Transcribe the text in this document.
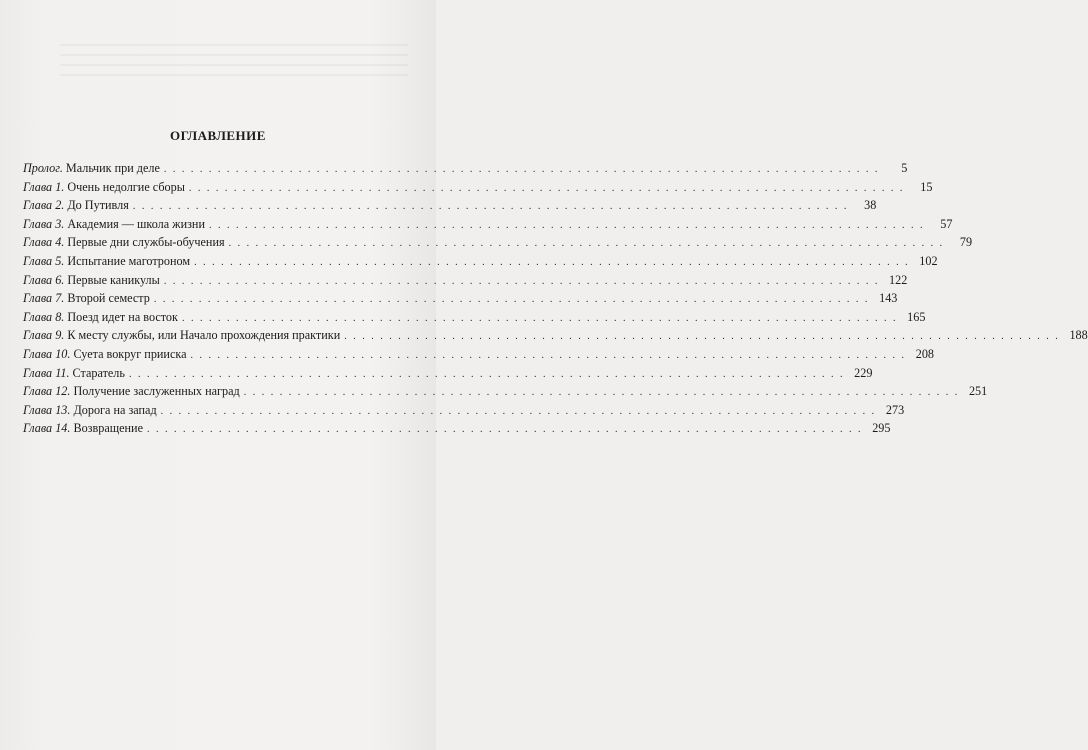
ОГЛАВЛЕНИЕ
Пролог. Мальчик при деле . . . . . . . . . . . . . . . . . . . . . . . . . . . . . . . . . . . . . . . . . . . . . . . . . . . . . . . . . . . . . . . . . . . . . . . . . . . . . . . .	5
Глава 1. Очень недолгие сборы . . . . . . . . . . . . . . . . . . . . . . . . . . . . . . . . . . . . . . . . . . . . . . . . . . . . . . . . . . . . . . . . . . . . . . . . . . . . . . . .	15
Глава 2. До Путивля . . . . . . . . . . . . . . . . . . . . . . . . . . . . . . . . . . . . . . . . . . . . . . . . . . . . . . . . . . . . . . . . . . . . . . . . . . . . . . . .	38
Глава 3. Академия — школа жизни . . . . . . . . . . . . . . . . . . . . . . . . . . . . . . . . . . . . . . . . . . . . . . . . . . . . . . . . . . . . . . . . . . . . . . . . . . . . . . . .	57
Глава 4. Первые дни службы-обучения . . . . . . . . . . . . . . . . . . . . . . . . . . . . . . . . . . . . . . . . . . . . . . . . . . . . . . . . . . . . . . . . . . . . . . . . . . . . . . . .	79
Глава 5. Испытание маготроном . . . . . . . . . . . . . . . . . . . . . . . . . . . . . . . . . . . . . . . . . . . . . . . . . . . . . . . . . . . . . . . . . . . . . . . . . . . . . . . . 102
Глава 6. Первые каникулы . . . . . . . . . . . . . . . . . . . . . . . . . . . . . . . . . . . . . . . . . . . . . . . . . . . . . . . . . . . . . . . . . . . . . . . . . . . . . . . . 122
Глава 7. Второй семестр . . . . . . . . . . . . . . . . . . . . . . . . . . . . . . . . . . . . . . . . . . . . . . . . . . . . . . . . . . . . . . . . . . . . . . . . . . . . . . . . 143
Глава 8. Поезд идет на восток . . . . . . . . . . . . . . . . . . . . . . . . . . . . . . . . . . . . . . . . . . . . . . . . . . . . . . . . . . . . . . . . . . . . . . . . . . . . . . . . 165
Глава 9. К месту службы, или Начало прохождения практики . . . . . . . . . . . . . . . . . . . . . . . . . . . . . . . . . . . . . . . . . . . . . . . . . . . . . . . . . . . . . . . . . . . . . . . . . . . . . . . . 188
Глава 10. Суета вокруг прииска . . . . . . . . . . . . . . . . . . . . . . . . . . . . . . . . . . . . . . . . . . . . . . . . . . . . . . . . . . . . . . . . . . . . . . . . . . . . . . . . 208
Глава 11. Старатель . . . . . . . . . . . . . . . . . . . . . . . . . . . . . . . . . . . . . . . . . . . . . . . . . . . . . . . . . . . . . . . . . . . . . . . . . . . . . . . . 229
Глава 12. Получение заслуженных наград . . . . . . . . . . . . . . . . . . . . . . . . . . . . . . . . . . . . . . . . . . . . . . . . . . . . . . . . . . . . . . . . . . . . . . . . . . . . . . . . 251
Глава 13. Дорога на запад . . . . . . . . . . . . . . . . . . . . . . . . . . . . . . . . . . . . . . . . . . . . . . . . . . . . . . . . . . . . . . . . . . . . . . . . . . . . . . . . 273
Глава 14. Возвращение . . . . . . . . . . . . . . . . . . . . . . . . . . . . . . . . . . . . . . . . . . . . . . . . . . . . . . . . . . . . . . . . . . . . . . . . . . . . . . . . 295
